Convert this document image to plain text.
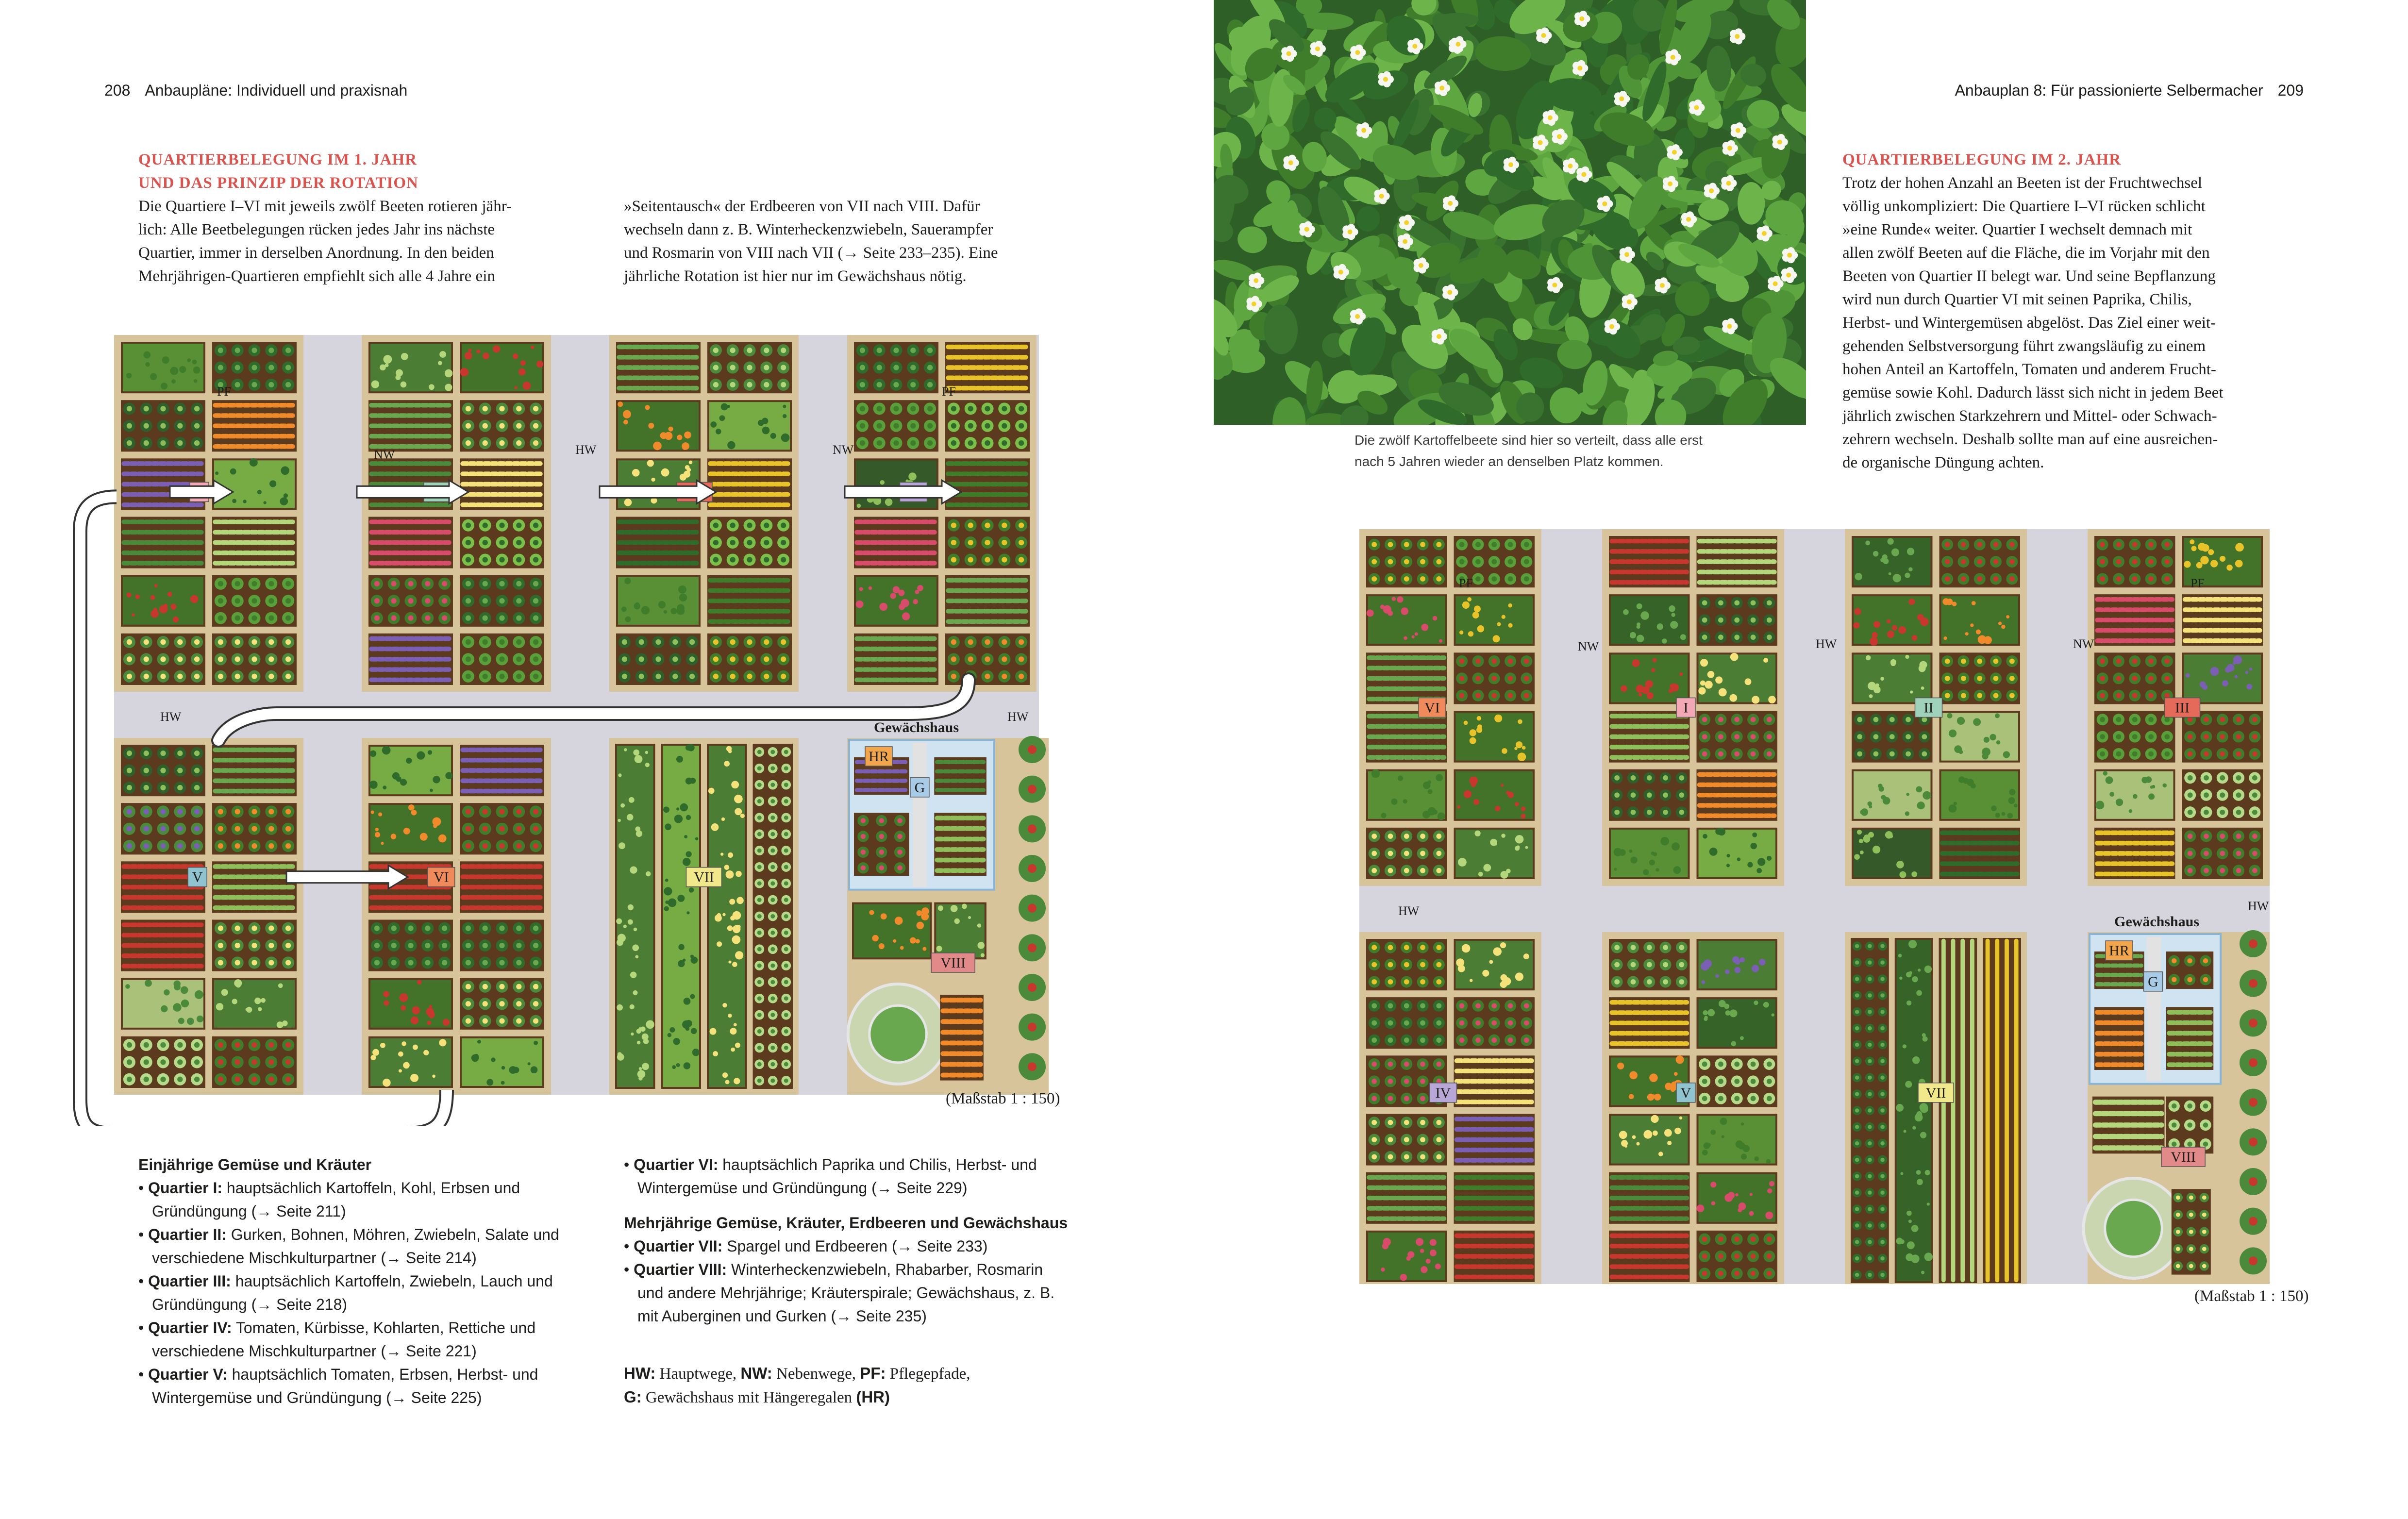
208 Anbaupläne: Individuell und praxisnah	Anbauplan 8: Für passionierte Selbermacher 209
QUARTIERBELEGUNG IM 1. JAHR
UND DAS PRINZIP DER ROTATION
Die Quartiere I–VI mit jeweils zwölf Beeten rotieren jähr-
lich: Alle Beetbelegungen rücken jedes Jahr ins nächste
Quartier, immer in derselben Anordnung. In den beiden
Mehrjährigen-Quartieren empfiehlt sich alle 4 Jahre ein
»Seitentausch« der Erdbeeren von VII nach VIII. Dafür
wechseln dann z. B. Winterheckenzwiebeln, Sauerampfer
und Rosmarin von VIII nach VII (→ Seite 233–235). Eine
jährliche Rotation ist hier nur im Gewächshaus nötig.
HR
G
VIII
Gewächshaus
V	VI	VII
PF	PF
NW	HW	NW
HW	HW
(Maßstab 1 : 150)
Einjährige Gemüse und Kräuter
• Quartier I: hauptsächlich Kartoffeln, Kohl, Erbsen und
Gründüngung (→ Seite 211)
• Quartier II: Gurken, Bohnen, Möhren, Zwiebeln, Salate und
verschiedene Mischkulturpartner (→ Seite 214)
• Quartier III: hauptsächlich Kartoffeln, Zwiebeln, Lauch und
Gründüngung (→ Seite 218)
• Quartier IV: Tomaten, Kürbisse, Kohlarten, Rettiche und
verschiedene Mischkulturpartner (→ Seite 221)
• Quartier V: hauptsächlich Tomaten, Erbsen, Herbst- und
Wintergemüse und Gründüngung (→ Seite 225)
• Quartier VI: hauptsächlich Paprika und Chilis, Herbst- und
Wintergemüse und Gründüngung (→ Seite 229)
Mehrjährige Gemüse, Kräuter, Erdbeeren und Gewächshaus
• Quartier VII: Spargel und Erdbeeren (→ Seite 233)
• Quartier VIII: Winterheckenzwiebeln, Rhabarber, Rosmarin
und andere Mehrjährige; Kräuterspirale; Gewächshaus, z. B.
mit Auberginen und Gurken (→ Seite 235)
HW: Hauptwege, NW: Nebenwege, PF: Pflegepfade,
G: Gewächshaus mit Hängeregalen (HR)
Die zwölf Kartoffelbeete sind hier so verteilt, dass alle erst
nach 5 Jahren wieder an denselben Platz kommen.
QUARTIERBELEGUNG IM 2. JAHR
Trotz der hohen Anzahl an Beeten ist der Fruchtwechsel
völlig unkompliziert: Die Quartiere I–VI rücken schlicht
»eine Runde« weiter. Quartier I wechselt demnach mit
allen zwölf Beeten auf die Fläche, die im Vorjahr mit den
Beeten von Quartier II belegt war. Und seine Bepflanzung
wird nun durch Quartier VI mit seinen Paprika, Chilis,
Herbst- und Wintergemüsen abgelöst. Das Ziel einer weit-
gehenden Selbstversorgung führt zwangsläufig zu einem
hohen Anteil an Kartoffeln, Tomaten und anderem Frucht-
gemüse sowie Kohl. Dadurch lässt sich nicht in jedem Beet
jährlich zwischen Starkzehrern und Mittel- oder Schwach-
zehrern wechseln. Deshalb sollte man auf eine ausreichen-
de organische Düngung achten.
HR
G
VIII
Gewächshaus
VI	I	II	III
IV	V	VII
PF	PF
NW	HW	NW
HW	HW
(Maßstab 1 : 150)
